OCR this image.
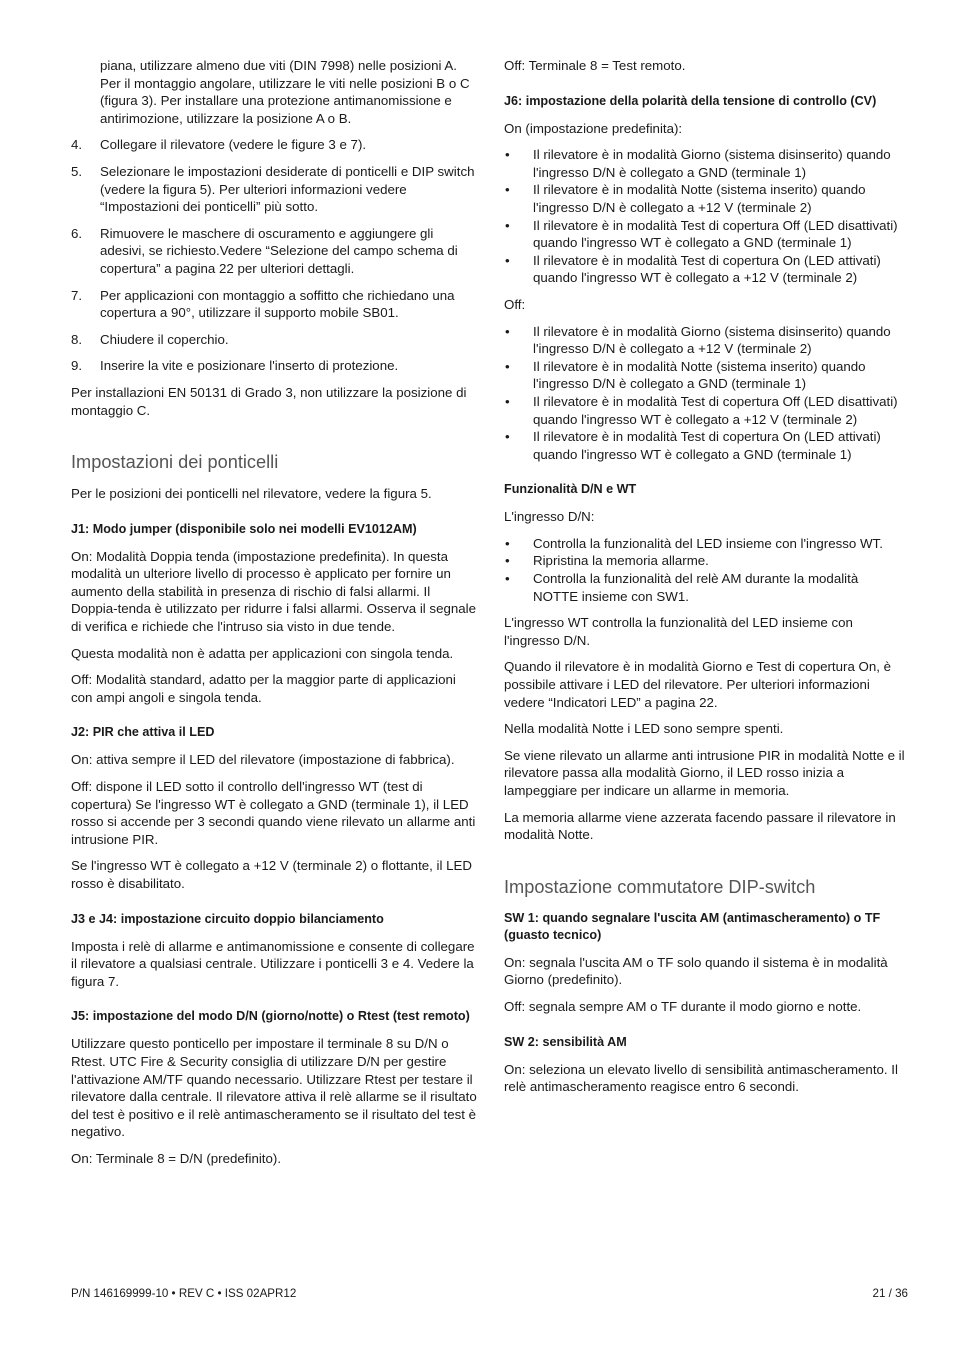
piana, utilizzare almeno due viti (DIN 7998) nelle posizioni A. Per il montaggio angolare, utilizzare le viti nelle posizioni B o C (figura 3). Per installare una protezione antimanomissione e antirimozione, utilizzare la posizione A o B.
4. Collegare il rilevatore (vedere le figure 3 e 7).
5. Selezionare le impostazioni desiderate di ponticelli e DIP switch (vedere la figura 5). Per ulteriori informazioni vedere “Impostazioni dei ponticelli” più sotto.
6. Rimuovere le maschere di oscuramento e aggiungere gli adesivi, se richiesto.Vedere “Selezione del campo schema di copertura” a pagina 22 per ulteriori dettagli.
7. Per applicazioni con montaggio a soffitto che richiedano una copertura a 90°, utilizzare il supporto mobile SB01.
8. Chiudere il coperchio.
9. Inserire la vite e posizionare l'inserto di protezione.

Per installazioni EN 50131 di Grado 3, non utilizzare la posizione di montaggio C.

Impostazioni dei ponticelli

Per le posizioni dei ponticelli nel rilevatore, vedere la figura 5.

J1: Modo jumper (disponibile solo nei modelli EV1012AM)

On: Modalità Doppia tenda (impostazione predefinita). In questa modalità un ulteriore livello di processo è applicato per fornire un aumento della stabilità in presenza di rischio di falsi allarmi. Il Doppia-tenda è utilizzato per ridurre i falsi allarmi. Osserva il segnale di verifica e richiede che l'intruso sia visto in due tende.

Questa modalità non è adatta per applicazioni con singola tenda.

Off: Modalità standard, adatto per la maggior parte di applicazioni con ampi angoli e singola tenda.

J2: PIR che attiva il LED

On: attiva sempre il LED del rilevatore (impostazione di fabbrica).

Off: dispone il LED sotto il controllo dell'ingresso WT (test di copertura) Se l'ingresso WT è collegato a GND (terminale 1), il LED rosso si accende per 3 secondi quando viene rilevato un allarme anti intrusione PIR.

Se l'ingresso WT è collegato a +12 V (terminale 2) o flottante, il LED rosso è disabilitato.

J3 e J4: impostazione circuito doppio bilanciamento

Imposta i relè di allarme e antimanomissione e consente di collegare il rilevatore a qualsiasi centrale. Utilizzare i ponticelli 3 e 4. Vedere la figura 7.

J5: impostazione del modo D/N (giorno/notte) o Rtest (test remoto)

Utilizzare questo ponticello per impostare il terminale 8 su D/N o Rtest. UTC Fire & Security consiglia di utilizzare D/N per gestire l'attivazione AM/TF quando necessario. Utilizzare Rtest per testare il rilevatore dalla centrale. Il rilevatore attiva il relè allarme se il risultato del test è positivo e il relè antimascheramento se il risultato del test è negativo.

On: Terminale 8 = D/N (predefinito).

Off: Terminale 8 = Test remoto.

J6: impostazione della polarità della tensione di controllo (CV)

On (impostazione predefinita):

• Il rilevatore è in modalità Giorno (sistema disinserito) quando l'ingresso D/N è collegato a GND (terminale 1)
• Il rilevatore è in modalità Notte (sistema inserito) quando l'ingresso D/N è collegato a +12 V (terminale 2)
• Il rilevatore è in modalità Test di copertura Off (LED disattivati) quando l'ingresso WT è collegato a GND (terminale 1)
• Il rilevatore è in modalità Test di copertura On (LED attivati) quando l'ingresso WT è collegato a +12 V (terminale 2)

Off:

• Il rilevatore è in modalità Giorno (sistema disinserito) quando l'ingresso D/N è collegato a +12 V (terminale 2)
• Il rilevatore è in modalità Notte (sistema inserito) quando l'ingresso D/N è collegato a GND (terminale 1)
• Il rilevatore è in modalità Test di copertura Off (LED disattivati) quando l'ingresso WT è collegato a +12 V (terminale 2)
• Il rilevatore è in modalità Test di copertura On (LED attivati) quando l'ingresso WT è collegato a GND (terminale 1)
Funzionalità D/N e WT

L'ingresso D/N:

• Controlla la funzionalità del LED insieme con l'ingresso WT.
• Ripristina la memoria allarme.
• Controlla la funzionalità del relè AM durante la modalità NOTTE insieme con SW1.

L'ingresso WT controlla la funzionalità del LED insieme con l'ingresso D/N.

Quando il rilevatore è in modalità Giorno e Test di copertura On, è possibile attivare i LED del rilevatore. Per ulteriori informazioni vedere “Indicatori LED” a pagina 22.

Nella modalità Notte i LED sono sempre spenti.

Se viene rilevato un allarme anti intrusione PIR in modalità Notte e il rilevatore passa alla modalità Giorno, il LED rosso inizia a lampeggiare per indicare un allarme in memoria.

La memoria allarme viene azzerata facendo passare il rilevatore in modalità Notte.

Impostazione commutatore DIP-switch
SW 1: quando segnalare l'uscita AM (antimascheramento) o TF (guasto tecnico)

On: segnala l'uscita AM o TF solo quando il sistema è in modalità Giorno (predefinito).

Off: segnala sempre AM o TF durante il modo giorno e notte.

SW 2: sensibilità AM

On: seleziona un elevato livello di sensibilità antimascheramento. Il relè antimascheramento reagisce entro 6 secondi.

P/N 146169999-10 • REV C • ISS 02APR12	21 / 36
